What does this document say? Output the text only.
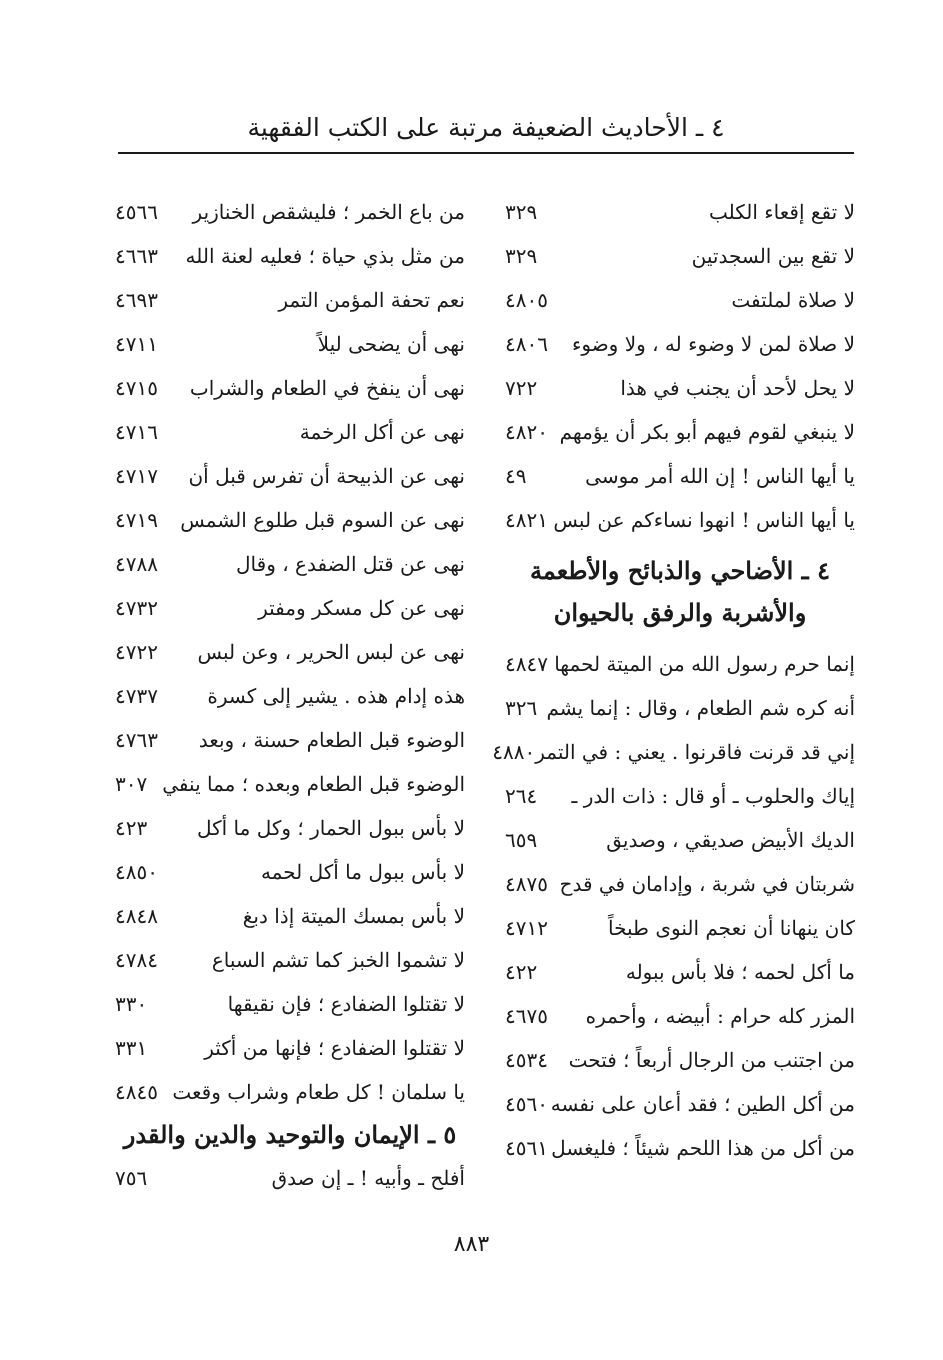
٤ ـ الأحاديث الضعيفة مرتبة على الكتب الفقهية
لا تقع إقعاء الكلب
٣٢٩
لا تقع بين السجدتين
٣٢٩
لا صلاة لملتفت
٤٨٠٥
لا صلاة لمن لا وضوء له ، ولا وضوء
٤٨٠٦
لا يحل لأحد أن يجنب في هذا
٧٢٢
لا ينبغي لقوم فيهم أبو بكر أن يؤمهم
٤٨٢٠
يا أيها الناس ! إن الله أمر موسى
٤٩
يا أيها الناس ! انهوا نساءكم عن لبس
٤٨٢١
٤ ـ الأضاحي والذبائح والأطعمة
والأشربة والرفق بالحيوان
إنما حرم رسول الله من الميتة لحمها
٤٨٤٧
أنه كره شم الطعام ، وقال : إنما يشم
٣٢٦
إني قد قرنت فاقرنوا . يعني : في التمر
٤٨٨٠
إياك والحلوب ـ أو قال : ذات الدر ـ
٢٦٤
الديك الأبيض صديقي ، وصديق
٦٥٩
شربتان في شربة ، وإدامان في قدح
٤٨٧٥
كان ينهانا أن نعجم النوى طبخاً
٤٧١٢
ما أكل لحمه ؛ فلا بأس ببوله
٤٢٢
المزر كله حرام : أبيضه ، وأحمره
٤٦٧٥
من اجتنب من الرجال أربعاً ؛ فتحت
٤٥٣٤
من أكل الطين ؛ فقد أعان على نفسه
٤٥٦٠
من أكل من هذا اللحم شيئاً ؛ فليغسل
٤٥٦١
من باع الخمر ؛ فليشقص الخنازير
٤٥٦٦
من مثل بذي حياة ؛ فعليه لعنة الله
٤٦٦٣
نعم تحفة المؤمن التمر
٤٦٩٣
نهى أن يضحى ليلاً
٤٧١١
نهى أن ينفخ في الطعام والشراب
٤٧١٥
نهى عن أكل الرخمة
٤٧١٦
نهى عن الذبيحة أن تفرس قبل أن
٤٧١٧
نهى عن السوم قبل طلوع الشمس
٤٧١٩
نهى عن قتل الضفدع ، وقال
٤٧٨٨
نهى عن كل مسكر ومفتر
٤٧٣٢
نهى عن لبس الحرير ، وعن لبس
٤٧٢٢
هذه إدام هذه . يشير إلى كسرة
٤٧٣٧
الوضوء قبل الطعام حسنة ، وبعد
٤٧٦٣
الوضوء قبل الطعام وبعده ؛ مما ينفي
٣٠٧
لا بأس ببول الحمار ؛ وكل ما أكل
٤٢٣
لا بأس ببول ما أكل لحمه
٤٨٥٠
لا بأس بمسك الميتة إذا دبغ
٤٨٤٨
لا تشموا الخبز كما تشم السباع
٤٧٨٤
لا تقتلوا الضفادع ؛ فإن نقيقها
٣٣٠
لا تقتلوا الضفادع ؛ فإنها من أكثر
٣٣١
يا سلمان ! كل طعام وشراب وقعت
٤٨٤٥
٥ ـ الإيمان والتوحيد والدين والقدر
أفلح ـ وأبيه ! ـ إن صدق
٧٥٦
٨٨٣
